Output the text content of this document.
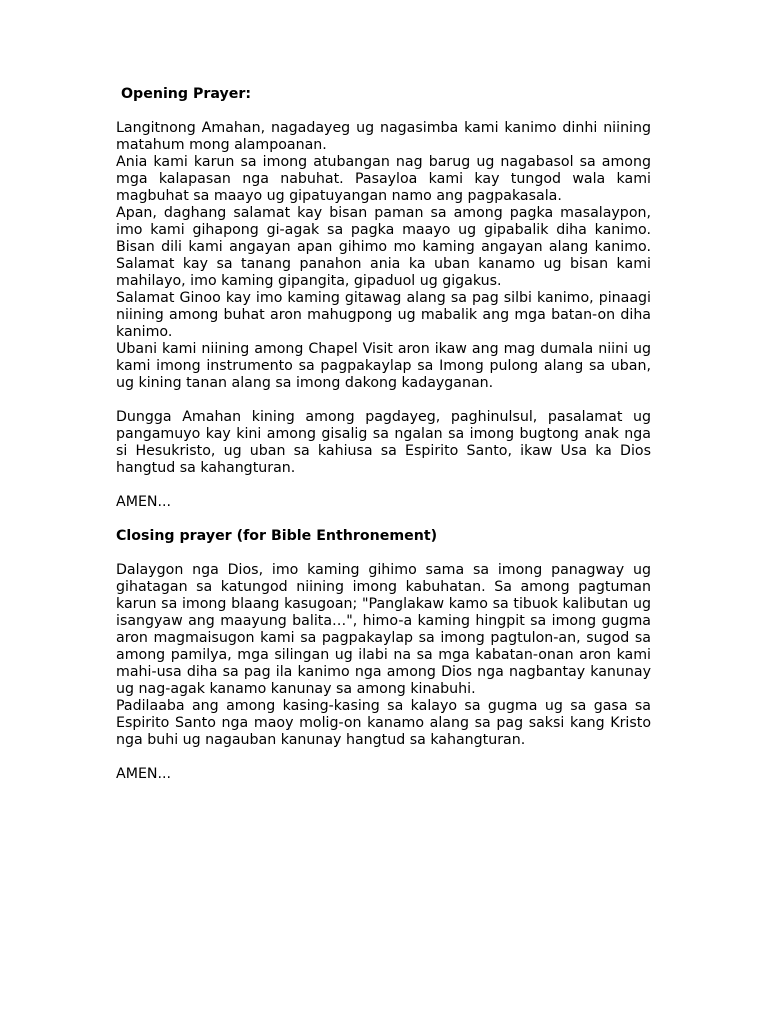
Opening Prayer:

Langitnong Amahan, nagadayeg ug nagasimba kami kanimo dinhi niining matahum mong alampoanan.

Ania kami karun sa imong atubangan nag barug ug nagabasol sa among mga kalapasan nga nabuhat. Pasayloa kami kay tungod wala kami magbuhat sa maayo ug gipatuyangan namo ang pagpakasala.

Apan, daghang salamat kay bisan paman sa among pagka masalaypon, imo kami gihapong gi-agak sa pagka maayo ug gipabalik diha kanimo. Bisan dili kami angayan apan gihimo mo kaming angayan alang kanimo. Salamat kay sa tanang panahon ania ka uban kanamo ug bisan kami mahilayo, imo kaming gipangita, gipaduol ug gigakus.

Salamat Ginoo kay imo kaming gitawag alang sa pag silbi kanimo, pinaagi niining among buhat aron mahugpong ug mabalik ang mga batan-on diha kanimo.

Ubani kami niining among Chapel Visit aron ikaw ang mag dumala niini ug kami imong instrumento sa pagpakaylap sa Imong pulong alang sa uban, ug kining tanan alang sa imong dakong kadayganan.

Dungga Amahan kining among pagdayeg, paghinulsul, pasalamat ug pangamuyo kay kini among gisalig sa ngalan sa imong bugtong anak nga si Hesukristo, ug uban sa kahiusa sa Espirito Santo, ikaw Usa ka Dios hangtud sa kahangturan.

AMEN...

Closing prayer (for Bible Enthronement)

Dalaygon nga Dios, imo kaming gihimo sama sa imong panagway ug gihatagan sa katungod niining imong kabuhatan. Sa among pagtuman karun sa imong blaang kasugoan; "Panglakaw kamo sa tibuok kalibutan ug isangyaw ang maayung balita…", himo-a kaming hingpit sa imong gugma aron magmaisugon kami sa pagpakaylap sa imong pagtulon-an, sugod sa among pamilya, mga silingan ug ilabi na sa mga kabatan-onan aron kami mahi-usa diha sa pag ila kanimo nga among Dios nga nagbantay kanunay ug nag-agak kanamo kanunay sa among kinabuhi.

Padilaaba ang among kasing-kasing sa kalayo sa gugma ug sa gasa sa Espirito Santo nga maoy molig-on kanamo alang sa pag saksi kang Kristo nga buhi ug nagauban kanunay hangtud sa kahangturan.

AMEN...
